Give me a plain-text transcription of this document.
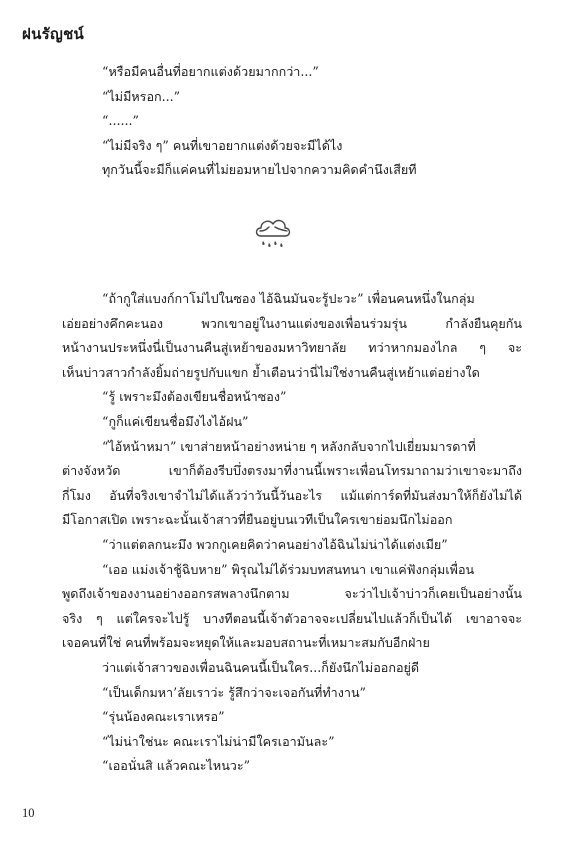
ฝนรัญชน์
“หรือมีคนอื่นที่อยากแต่งด้วยมากกว่า...”
“ไม่มีหรอก...”
“......”
“ไม่มีจริง ๆ” คนที่เขาอยากแต่งด้วยจะมีได้ไง
ทุกวันนี้จะมีก็แค่คนที่ไม่ยอมหายไปจากความคิดคำนึงเสียที
“ถ้ากูใส่แบงก์กาโม่ไปในซอง ไอ้ฉินมันจะรู้ปะวะ” เพื่อนคนหนึ่งในกลุ่ม
เอ่ยอย่างคึกคะนอง พวกเขาอยู่ในงานแต่งของเพื่อนร่วมรุ่น กำลังยืนคุยกัน
หน้างานประหนึ่งนี่เป็นงานคืนสู่เหย้าของมหาวิทยาลัย ทว่าหากมองไกล ๆ จะ
เห็นบ่าวสาวกำลังยิ้มถ่ายรูปกับแขก ย้ำเตือนว่านี่ไม่ใช่งานคืนสู่เหย้าแต่อย่างใด
“รู้ เพราะมึงต้องเขียนชื่อหน้าซอง”
“กูก็แค่เขียนชื่อมึงไงไอ้ฝน”
“ไอ้หน้าหมา” เขาส่ายหน้าอย่างหน่าย ๆ หลังกลับจากไปเยี่ยมมารดาที่
ต่างจังหวัด เขาก็ต้องรีบบึ่งตรงมาที่งานนี้เพราะเพื่อนโทรมาถามว่าเขาจะมาถึง
กี่โมง อันที่จริงเขาจำไม่ได้แล้วว่าวันนี้วันอะไร แม้แต่การ์ดที่มันส่งมาให้ก็ยังไม่ได้
มีโอกาสเปิด เพราะฉะนั้นเจ้าสาวที่ยืนอยู่บนเวทีเป็นใครเขาย่อมนึกไม่ออก
“ว่าแต่ตลกนะมึง พวกกูเคยคิดว่าคนอย่างไอ้ฉินไม่น่าได้แต่งเมีย”
“เออ แม่งเจ้าชู้ฉิบหาย” พิรุณไม่ได้ร่วมบทสนทนา เขาแค่ฟังกลุ่มเพื่อน
พูดถึงเจ้าของงานอย่างออกรสพลางนึกตาม จะว่าไปเจ้าบ่าวก็เคยเป็นอย่างนั้น
จริง ๆ แต่ใครจะไปรู้ บางทีตอนนี้เจ้าตัวอาจจะเปลี่ยนไปแล้วก็เป็นได้ เขาอาจจะ
เจอคนที่ใช่ คนที่พร้อมจะหยุดให้และมอบสถานะที่เหมาะสมกับอีกฝ่าย
ว่าแต่เจ้าสาวของเพื่อนฉินคนนี้เป็นใคร...ก็ยังนึกไม่ออกอยู่ดี
“เป็นเด็กมหา’ลัยเราว่ะ รู้สึกว่าจะเจอกันที่ทำงาน”
“รุ่นน้องคณะเราเหรอ”
“ไม่น่าใช่นะ คณะเราไม่น่ามีใครเอามันละ”
“เออนั่นสิ แล้วคณะไหนวะ”
10
